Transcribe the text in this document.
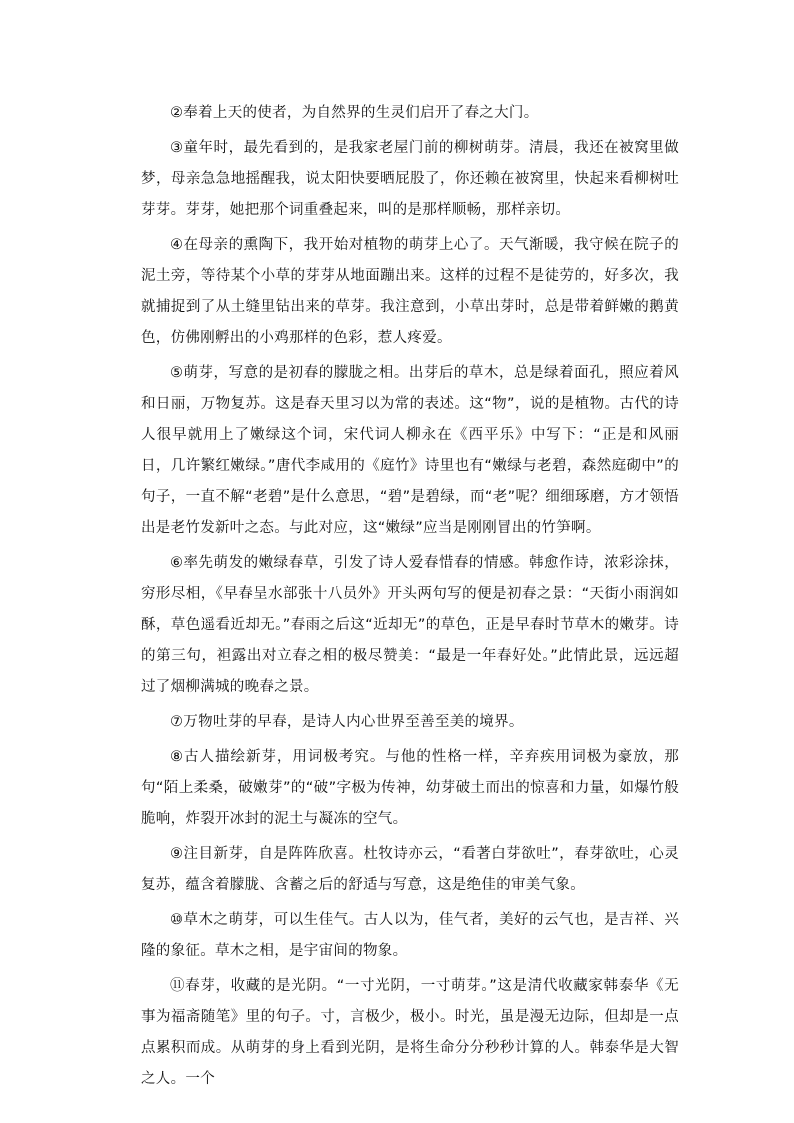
②奉着上天的使者，为自然界的生灵们启开了春之大门。

③童年时，最先看到的，是我家老屋门前的柳树萌芽。清晨，我还在被窝里做梦，母亲急急地摇醒我，说太阳快要晒屁股了，你还赖在被窝里，快起来看柳树吐芽芽。芽芽，她把那个词重叠起来，叫的是那样顺畅，那样亲切。

④在母亲的熏陶下，我开始对植物的萌芽上心了。天气渐暖，我守候在院子的泥土旁，等待某个小草的芽芽从地面蹦出来。这样的过程不是徒劳的，好多次，我就捕捉到了从土缝里钻出来的草芽。我注意到，小草出芽时，总是带着鲜嫩的鹅黄色，仿佛刚孵出的小鸡那样的色彩，惹人疼爱。

⑤萌芽，写意的是初春的朦胧之相。出芽后的草木，总是绿着面孔，照应着风和日丽，万物复苏。这是春天里习以为常的表述。这“物”，说的是植物。古代的诗人很早就用上了嫩绿这个词，宋代词人柳永在《西平乐》中写下：“正是和风丽日，几许繁红嫩绿。”唐代李咸用的《庭竹》诗里也有“嫩绿与老碧，森然庭砌中”的句子，一直不解“老碧”是什么意思，“碧”是碧绿，而“老”呢？细细琢磨，方才领悟出是老竹发新叶之态。与此对应，这“嫩绿”应当是刚刚冒出的竹笋啊。

⑥率先萌发的嫩绿春草，引发了诗人爱春惜春的情感。韩愈作诗，浓彩涂抹，穷形尽相，《早春呈水部张十八员外》开头两句写的便是初春之景：“天街小雨润如酥，草色遥看近却无。”春雨之后这“近却无”的草色，正是早春时节草木的嫩芽。诗的第三句，袒露出对立春之相的极尽赞美：“最是一年春好处。”此情此景，远远超过了烟柳满城的晚春之景。

⑦万物吐芽的早春，是诗人内心世界至善至美的境界。

⑧古人描绘新芽，用词极考究。与他的性格一样，辛弃疾用词极为豪放，那句“陌上柔桑，破嫩芽”的“破”字极为传神，幼芽破土而出的惊喜和力量，如爆竹般脆响，炸裂开冰封的泥土与凝冻的空气。

⑨注目新芽，自是阵阵欣喜。杜牧诗亦云，“看著白芽欲吐”，春芽欲吐，心灵复苏，蕴含着朦胧、含蓄之后的舒适与写意，这是绝佳的审美气象。

⑩草木之萌芽，可以生佳气。古人以为，佳气者，美好的云气也，是吉祥、兴隆的象征。草木之相，是宇宙间的物象。

⑪春芽，收藏的是光阴。“一寸光阴，一寸萌芽。”这是清代收藏家韩泰华《无事为福斋随笔》里的句子。寸，言极少，极小。时光，虽是漫无边际，但却是一点点累积而成。从萌芽的身上看到光阴，是将生命分分秒秒计算的人。韩泰华是大智之人。一个
